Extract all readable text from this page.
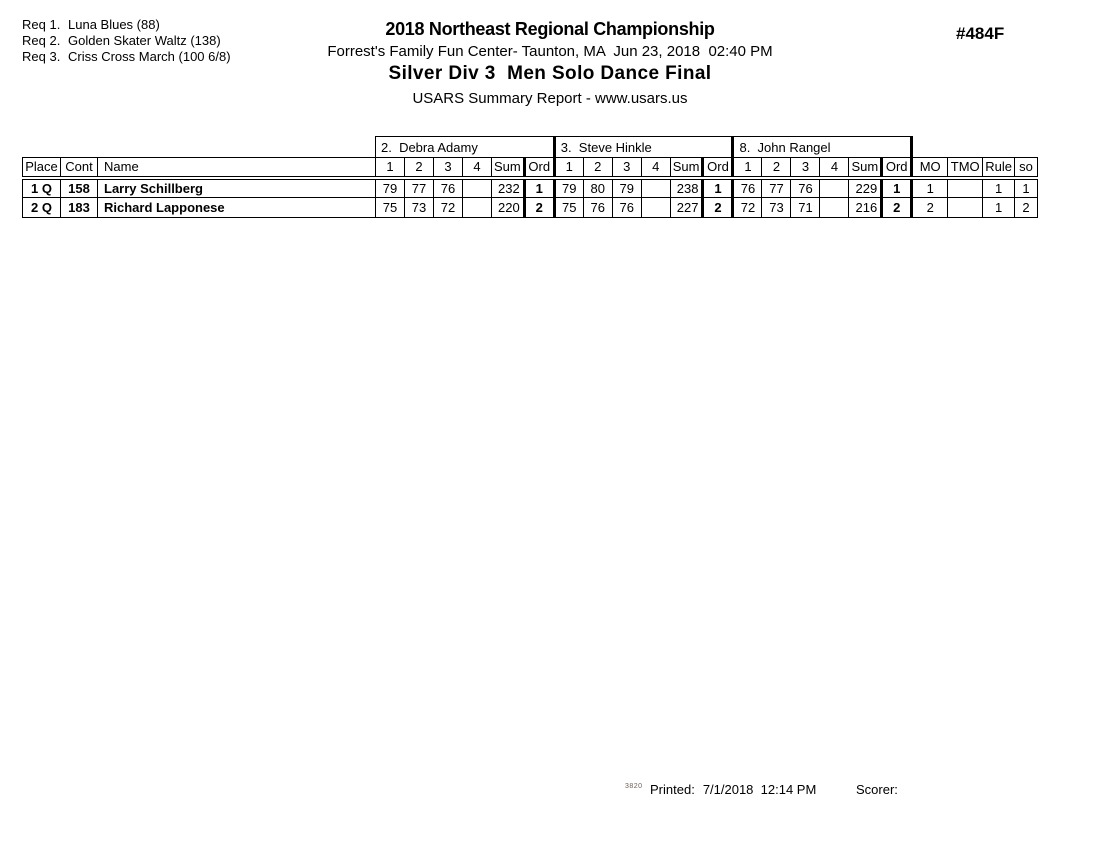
Req 1. Luna Blues (88)
Req 2. Golden Skater Waltz (138)
Req 3. Criss Cross March (100 6/8)
2018 Northeast Regional Championship
Forrest's Family Fun Center- Taunton, MA  Jun 23, 2018  02:40 PM
Silver Div 3  Men Solo Dance Final
USARS Summary Report - www.usars.us
#484F
			2.  Debra Adamy						3.  Steve Hinkle						8.  John Rangel									
Place	Cont	Name	1	2	3	4	Sum	Ord	1	2	3	4	Sum	Ord	1	2	3	4	Sum	Ord	MO	TMO	Rule	so
1 Q	158	Larry Schillberg	79	77	76		232	1	79	80	79		238	1	76	77	76		229	1	1		1	1
2 Q	183	Richard Lapponese	75	73	72		220	2	75	76	76		227	2	72	73	71		216	2	2		1	2
3820 Printed: 7/1/2018  12:14 PM	Scorer:
